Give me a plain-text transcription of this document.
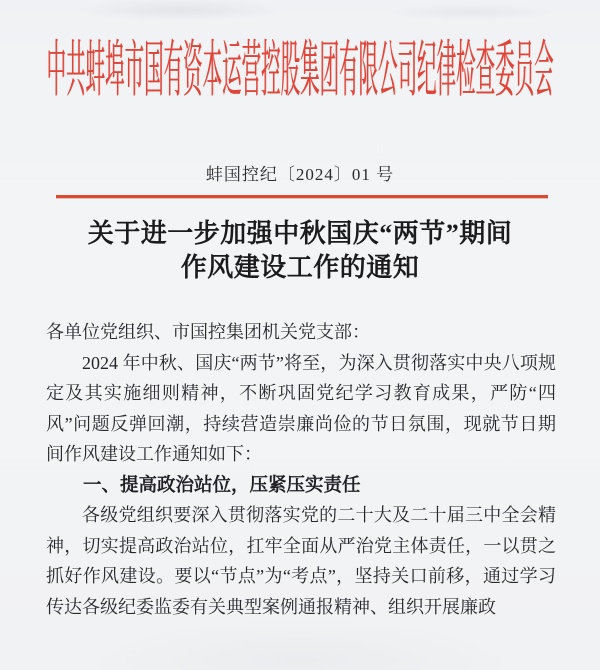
中共蚌埠市国有资本运营控股集团有限公司纪律检查委员会
蚌国控纪〔2024〕01 号
关于进一步加强中秋国庆“两节”期间
作风建设工作的通知

各单位党组织、市国控集团机关党支部：

2024 年中秋、国庆“两节”将至，为深入贯彻落实中央八项规定及其实施细则精神，不断巩固党纪学习教育成果，严防“四风”问题反弹回潮，持续营造崇廉尚俭的节日氛围，现就节日期间作风建设工作通知如下：

一、提高政治站位，压紧压实责任

各级党组织要深入贯彻落实党的二十大及二十届三中全会精神，切实提高政治站位，扛牢全面从严治党主体责任，一以贯之抓好作风建设。要以“节点”为“考点”，坚持关口前移，通过学习传达各级纪委监委有关典型案例通报精神、组织开展廉政
